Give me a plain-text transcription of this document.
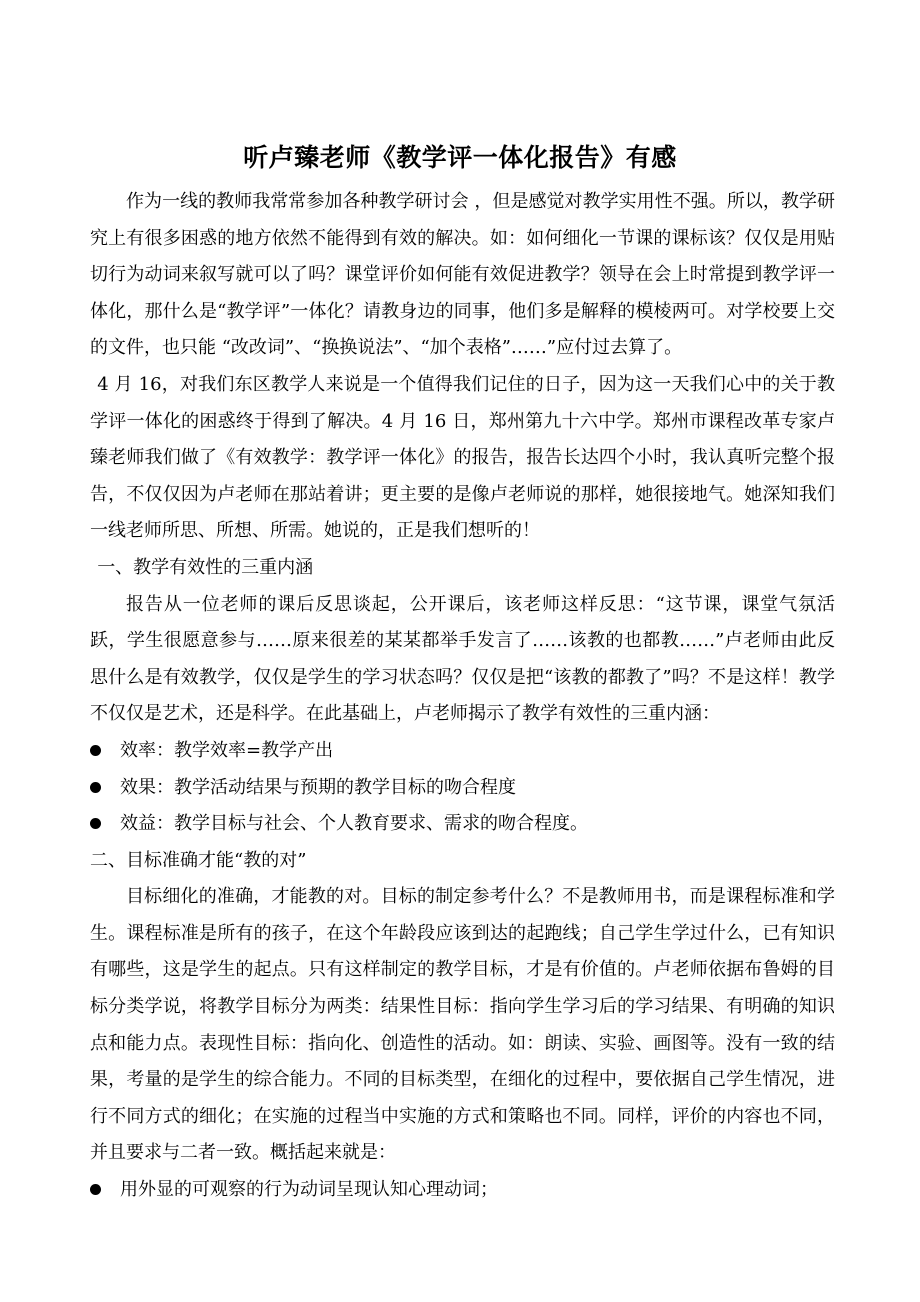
听卢臻老师《教学评一体化报告》有感

作为一线的教师我常常参加各种教学研讨会 ，但是感觉对教学实用性不强。所以，教学研究上有很多困惑的地方依然不能得到有效的解决。如：如何细化一节课的课标该？仅仅是用贴切行为动词来叙写就可以了吗？课堂评价如何能有效促进教学？领导在会上时常提到教学评一体化，那什么是“教学评”一体化？请教身边的同事，他们多是解释的模棱两可。对学校要上交的文件，也只能 “改改词”、“换换说法”、“加个表格”……”应付过去算了。

4 月 16，对我们东区教学人来说是一个值得我们记住的日子，因为这一天我们心中的关于教学评一体化的困惑终于得到了解决。4 月 16 日，郑州第九十六中学。郑州市课程改革专家卢臻老师我们做了《有效教学：教学评一体化》的报告，报告长达四个小时，我认真听完整个报告，不仅仅因为卢老师在那站着讲；更主要的是像卢老师说的那样，她很接地气。她深知我们一线老师所思、所想、所需。她说的，正是我们想听的！

一、教学有效性的三重内涵

报告从一位老师的课后反思谈起，公开课后，该老师这样反思：“这节课，课堂气氛活跃，学生很愿意参与……原来很差的某某都举手发言了……该教的也都教……”卢老师由此反思什么是有效教学，仅仅是学生的学习状态吗？仅仅是把“该教的都教了”吗？不是这样！教学不仅仅是艺术，还是科学。在此基础上，卢老师揭示了教学有效性的三重内涵：

效率：教学效率=教学产出
效果：教学活动结果与预期的教学目标的吻合程度
效益：教学目标与社会、个人教育要求、需求的吻合程度。

二、目标准确才能“教的对”

目标细化的准确，才能教的对。目标的制定参考什么？不是教师用书，而是课程标准和学生。课程标准是所有的孩子，在这个年龄段应该到达的起跑线；自己学生学过什么，已有知识有哪些，这是学生的起点。只有这样制定的教学目标，才是有价值的。卢老师依据布鲁姆的目标分类学说，将教学目标分为两类：结果性目标：指向学生学习后的学习结果、有明确的知识点和能力点。表现性目标：指向化、创造性的活动。如：朗读、实验、画图等。没有一致的结果，考量的是学生的综合能力。不同的目标类型，在细化的过程中，要依据自己学生情况，进行不同方式的细化；在实施的过程当中实施的方式和策略也不同。同样，评价的内容也不同，并且要求与二者一致。概括起来就是：

用外显的可观察的行为动词呈现认知心理动词；
